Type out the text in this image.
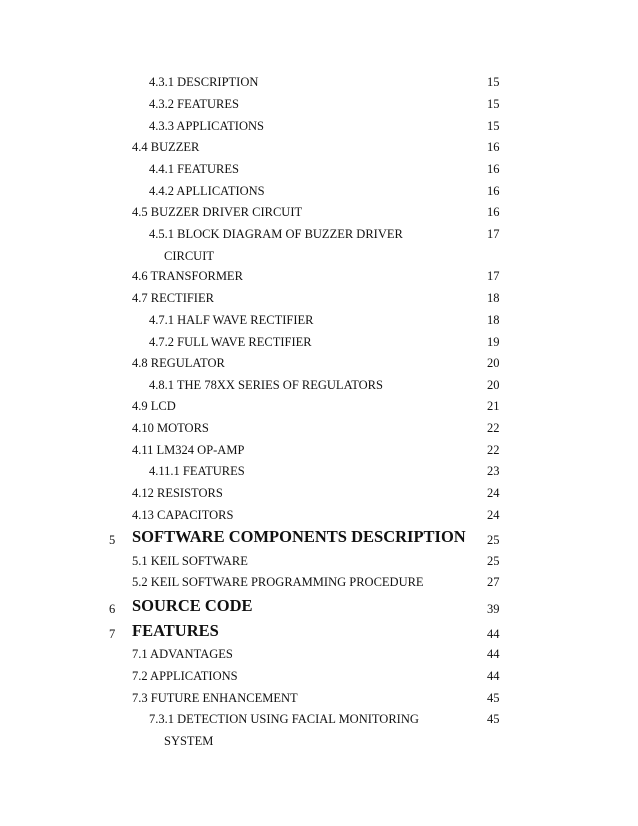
4.3.1 DESCRIPTION	15
4.3.2 FEATURES	15
4.3.3 APPLICATIONS	15
4.4 BUZZER	16
4.4.1 FEATURES	16
4.4.2 APLLICATIONS	16
4.5 BUZZER DRIVER CIRCUIT	16
4.5.1 BLOCK DIAGRAM OF BUZZER DRIVER	17
CIRCUIT
4.6 TRANSFORMER	17
4.7 RECTIFIER	18
4.7.1 HALF WAVE RECTIFIER	18
4.7.2 FULL WAVE RECTIFIER	19
4.8 REGULATOR	20
4.8.1 THE 78XX SERIES OF REGULATORS	20
4.9 LCD	21
4.10 MOTORS	22
4.11 LM324 OP-AMP	22
4.11.1 FEATURES	23
4.12 RESISTORS	24
4.13 CAPACITORS	24
5 SOFTWARE COMPONENTS DESCRIPTION 25
5.1 KEIL SOFTWARE	25
5.2 KEIL SOFTWARE PROGRAMMING PROCEDURE	27
6 SOURCE CODE	39
7 FEATURES	44
7.1 ADVANTAGES	44
7.2 APPLICATIONS	44
7.3 FUTURE ENHANCEMENT	45
7.3.1 DETECTION USING FACIAL MONITORING	45
SYSTEM
